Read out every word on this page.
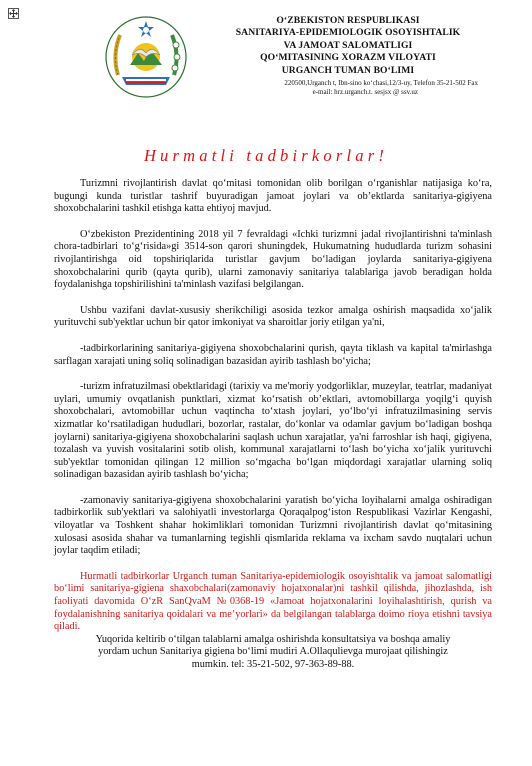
O‘ZBEKISTON RESPUBLIKASI
SANITARIYA-EPIDEMIOLOGIK OSOYISHTALIK
VA JAMOAT SALOMATLIGI
QO‘MITASINING XORAZM VILOYATI
URGANCH TUMAN BO‘LIMI
220500,Urganch t, Ibn-sino ko‘chasi,12/3-uy, Telefon 35-21-502 Fax
e-mail: hrz.urganch.t. sesjsx @ ssv.uz
Hurmatli tadbirkorlar!

Turizmni rivojlantirish davlat qo‘mitasi tomonidan olib borilgan o‘rganishlar natijasiga ko‘ra, bugungi kunda turistlar tashrif buyuradigan jamoat joylari va ob’ektlarda sanitariya-gigiyena shoxobchalarini tashkil etishga katta ehtiyoj mavjud.

O‘zbekiston Prezidentining 2018 yil 7 fevraldagi «Ichki turizmni jadal rivojlantirishni ta'minlash chora-tadbirlari to‘g‘risida»gi 3514-son qarori shuningdek, Hukumatning hududlarda turizm sohasini rivojlantirishga oid topshiriqlarida turistlar gavjum bo‘ladigan joylarda sanitariya-gigiyena shoxobchalarini qurib (qayta qurib), ularni zamonaviy sanitariya talablariga javob beradigan holda foydalanishga topshirilishini ta'minlash vazifasi belgilangan.

Ushbu vazifani davlat-xususiy sherikchiligi asosida tezkor amalga oshirish maqsadida xo‘jalik yurituvchi sub'yektlar uchun bir qator imkoniyat va sharoitlar joriy etilgan ya'ni,

-tadbirkorlarining sanitariya-gigiyena shoxobchalarini qurish, qayta tiklash va kapital ta'mirlashga sarflagan xarajati uning soliq solinadigan bazasidan ayirib tashlash bo‘yicha;

-turizm infratuzilmasi obektlaridagi (tarixiy va me'moriy yodgorliklar, muzeylar, teatrlar, madaniyat uylari, umumiy ovqatlanish punktlari, xizmat ko‘rsatish ob’ektlari, avtomobillarga yoqilg‘i quyish shoxobchalari, avtomobillar uchun vaqtincha to‘xtash joylari, yo‘lbo‘yi infratuzilmasining servis xizmatlar ko‘rsatiladigan hududlari, bozorlar, rastalar, do‘konlar va odamlar gavjum bo‘ladigan boshqa joylarni) sanitariya-gigiyena shoxobchalarini saqlash uchun xarajatlar, ya'ni farroshlar ish haqi, gigiyena, tozalash va yuvish vositalarini sotib olish, kommunal xarajatlarni to‘lash bo‘yicha xo‘jalik yurituvchi sub'yektlar tomonidan qilingan 12 million so‘mgacha bo‘lgan miqdordagi xarajatlar ularning soliq solinadigan bazasidan ayirib tashlash bo‘yicha;

-zamonaviy sanitariya-gigiyena shoxobchalarini yaratish bo‘yicha loyihalarni amalga oshiradigan tadbirkorlik sub'yektlari va salohiyatli investorlarga Qoraqalpog‘iston Respublikasi Vazirlar Kengashi, viloyatlar va Toshkent shahar hokimliklari tomonidan Turizmni rivojlantirish davlat qo‘mitasining xulosasi asosida shahar va tumanlarning tegishli qismlarida reklama va ixcham savdo nuqtalari uchun joylar taqdim etiladi;

Hurmatli tadbirkorlar Urganch tuman Sanitariya-epidemiologik osoyishtalik va jamoat salomatligi bo‘limi sanitariya-gigiena shaxobchalari(zamonaviy hojatxonalar)ni tashkil qilishda, jihozlashda, ish faoliyati davomida O‘zR SanQvaM №0368-19 «Jamoat hojatxonalarini loyihalashtirish, qurish va foydalanishning sanitariya qoidalari va me’yorlari» da belgilangan talablarga doimo rioya etishni tavsiya qiladi.

Yuqorida keltirib o‘tilgan talablarni amalga oshirishda konsultatsiya va boshqa amaliy

yordam uchun Sanitariya gigiena bo‘limi mudiri A.Ollaqulievga murojaat qilishingiz

mumkin. tel: 35-21-502, 97-363-89-88.
